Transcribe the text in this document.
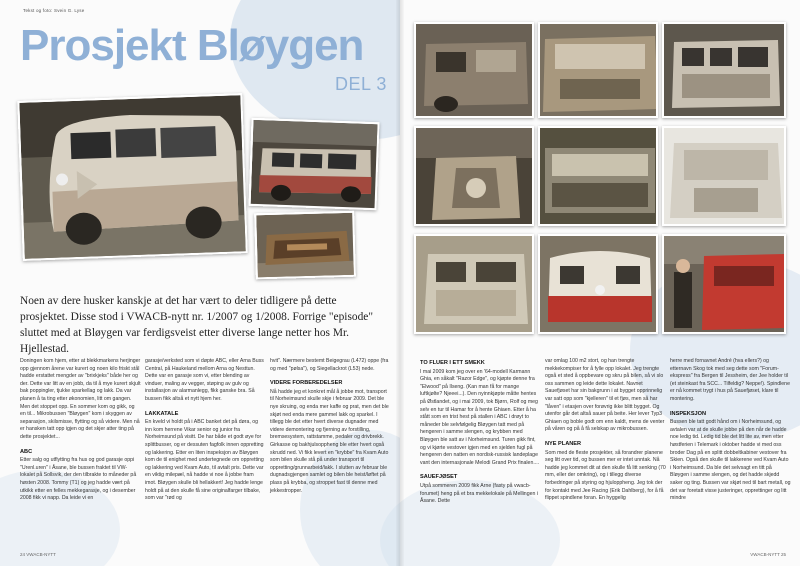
Tekst og foto: Svein G. Lyse
Prosjekt Bløygen
DEL 3
Noen av dere husker kanskje at det har vært to deler tidligere på dette prosjektet. Disse stod i VWACB-nytt nr. 1/2007 og 1/2008. Forrige "episode" sluttet med at Bløygen var ferdigsveist etter diverse lange netter hos Mr. Hjellestad.

Doningen kom hjem, etter at blekkmarkens herjinger opp gjennom årene var kurert og noen kilo friskt stål hadde erstattet mengder av "brixkjeks" både her og der. Dette var litt av en jobb, da til å mye kurert skjult bak poppingler, tjukke sparkellag og lakk. Da var planen å ta ting etter økonomien, litt om gangen. Men det stoppet opp. En sommer kom og gikk, og en til... Mikrobussen "Bløygen" kom i skyggen av separasjon, skilsmisse, flytting og så videre. Men nå er hansken tatt opp igjen og det skjer atter ting på dette prosjektet...

ABC

Etter salg og utflytting fra hus og god garasje oppi "Urenl.uren" i Åsane, ble bussen fraktet til VW-lokalet på Sollsvik, der den tilbrakte to måneder på høsten 2008. Tommy (T1) og jeg hadde vært på utkikk etter en felles mekkegarasje, og i desember 2008 fikk vi napp. Da leide vi en

garasje/verksted som vi døpte ABC, eller Arna Buss Central, på Haukeland mellom Arna og Nesttun. Dette var en garasje som vi, etter blending av vinduer, maling av vegger, støping av gulv og installasjon av alarmanlegg, fikk ganske bra. Så bussen fikk altså et nytt hjem her.

LAKKATALE

En kveld vi holdt på i ABC banket det på døra, og inn kom herrene Vikar senior og junior fra Norheimsund på visitt. De har både et godt øye for splittbusser, og er dessuten fagfolk innen oppretting og lakkering. Etter en liten inspeksjon av Bløygen kom de til enighet med undertegnede om oppretting og lakkering ved Kvam Auto, til avtalt pris. Dette var en viktig milepæl, nå hadde vi noe å jobbe fram imot. Bløygen skulle bli hellakkert! Jeg hadde lenge holdt på at den skulle få sine originalfarger tilbake, som var "rød og

hvit". Nærmere bestemt Beigegrau (L472) oppe (fra og med "pølsa"), og Siegellackrot (L53) nede.

VIDERE FORBEREDELSER

Nå hadde jeg et konkret mål å jobbe mot, transport til Norheimsund skulle skje i februar 2009. Det ble nye skruing, og enda mer kaffe og prat, men det ble skjøt ned enda mere gammel lakk og sparkel. I tillegg ble det etter hvert diverse dugnader med videre demontering og fjerning av forstilling, bremsesystem, rattstamme, pedaler og drivbrekk. Girkasse og bakhjulsoppheng ble etter hvert også skrudd ned. Vi fikk levert en "krybbe" fra Kvam Auto som bilen skulle stå på under transport til oppretting/grunnarbeid/lakk. I slutten av februar ble dugnadsgjengen samlet og bilen ble heist/løftet på plass på krybba, og stroppet fast til denne med jekkestropper.

24 VWACB-NYTT
TO FLUER I ETT SMEKK

I mai 2009 kom jeg over en '64-modell Karmann Ghia, en såkalt "Razor Edge", og kjøpte denne fra "Elwood" på Ilseng. (Kan man få for mange luftkjølte? Njeeei...). Den nyinnkjøpte måtte hentes på Østlandet, og i mai 2009, tok Bjørn, Rolf og meg selv en tur til Hamar for å hente Ghiaen. Etter å ha stått som en trist hest på stallen i ABC i drøyt to måneder ble selvfølgelig Bløygen tatt med på hengeren i samme slengen, og krybben med Bløygen ble satt av i Norheimsund. Turen gikk fint, og vi kjørte vestover igjen med en sjelden fugl på hengeren den natten en nordisk-russisk landeplage vant den internasjonale Melodi Grand Prix finalen....

SAUEFJØSET

Utpå sommeren 2009 fikk Arne (fasty på vwacb-forumet) heng på et bra mekkelokale på Mellingen i Åsane. Dette

var omlag 100 m2 stort, og han trengte mekkekompiser for å fylle opp lokalet. Jeg trengte også et sted å oppbevare og skru på bilen, så vi slo oss sammen og leide dette lokalet. Navnet Sauefjøset har sin bakgrunn i at bygget opprinnelig var satt opp som "kjelleren" til et fjøs, men så har "låven" i etasjen over forøvrig ikke blitt bygget. Og utenfor går det altså sauer på beite. Her lever Typ3 Ghiaen og boble godt om enn kaldt, mens de venter på våren og på å få selskap av mikrobussen.

NYE PLANER

Som med de fleste prosjekter, så forandrer planene seg litt over tid, og bussen mer er intet unntak. Nå hadde jeg kommet dit at den skulle få litt senking (70 mm, eller der omkring), og i tillegg diverse forbedringer på styring og hjuloppheng. Jeg tok der for kontakt med Jee Racing (Erik Dahlberg), for å få flippet spindlene foran. En hyggelig

herre med fornavnet André (hva ellers?) og etternavn Skog tok med seg dette som "Forum-ekspress" fra Bergen til Jessheim, der Jee holder til (et steinkast fra SCC... Tilfeldig? Neppe!). Spindlene er nå kommet trygt i hus på Sauefjøset, klare til montering.

INSPEKSJON

Bussen ble tatt godt hånd om i Norheimsund, og avtalen var at de skulle jobbe på den når de hadde noe ledig tid. Ledig tid ble det litt lite av, men etter høstferien i Telemark i oktober hadde vi med oss broder Dag på en splitt dobbeltkabiner vestover fra Skien. Også den skulle til lakkerene ved Kvam Auto i Norheimsund. Da ble det selvsagt en titt på Bløygen i samme slengen, og det hadde skjedd saker og ting. Bussen var skjøt ned til bart metall, og det var foretatt visse justeringer, opprettinger og litt mindre

VWACB-NYTT 25
